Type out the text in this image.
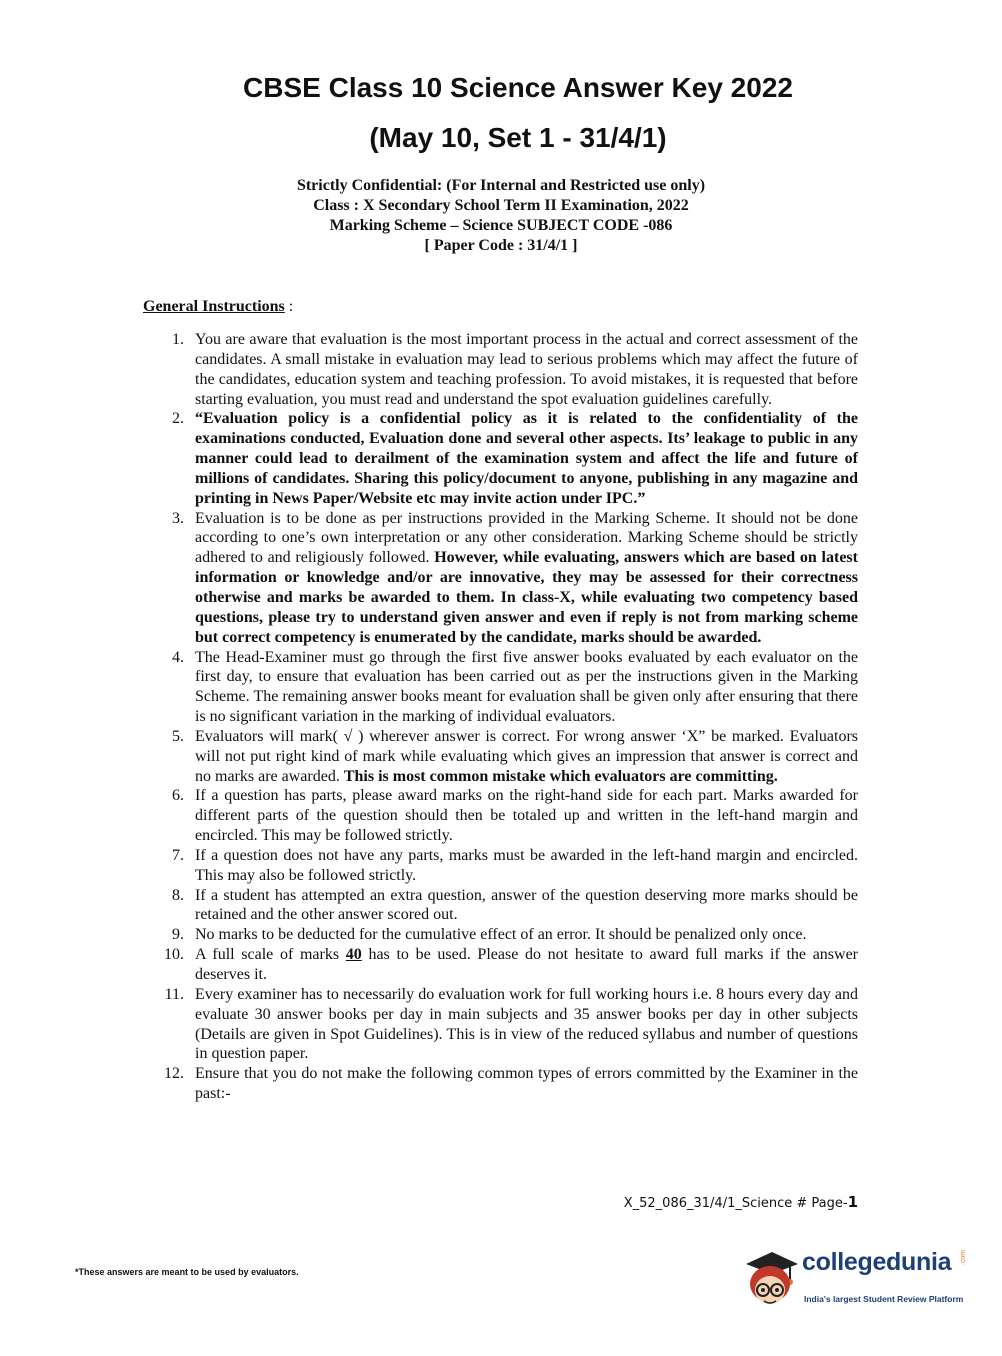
CBSE Class 10 Science Answer Key 2022
(May 10, Set 1 - 31/4/1)
Strictly Confidential: (For Internal and Restricted use only)
Class : X Secondary School Term II Examination, 2022
Marking Scheme – Science SUBJECT CODE -086
[ Paper Code : 31/4/1 ]
General Instructions :
1. You are aware that evaluation is the most important process in the actual and correct assessment of the candidates. A small mistake in evaluation may lead to serious problems which may affect the future of the candidates, education system and teaching profession. To avoid mistakes, it is requested that before starting evaluation, you must read and understand the spot evaluation guidelines carefully.
2. “Evaluation policy is a confidential policy as it is related to the confidentiality of the examinations conducted, Evaluation done and several other aspects. Its’ leakage to public in any manner could lead to derailment of the examination system and affect the life and future of millions of candidates. Sharing this policy/document to anyone, publishing in any magazine and printing in News Paper/Website etc may invite action under IPC.”
3. Evaluation is to be done as per instructions provided in the Marking Scheme. It should not be done according to one’s own interpretation or any other consideration. Marking Scheme should be strictly adhered to and religiously followed. However, while evaluating, answers which are based on latest information or knowledge and/or are innovative, they may be assessed for their correctness otherwise and marks be awarded to them. In class-X, while evaluating two competency based questions, please try to understand given answer and even if reply is not from marking scheme but correct competency is enumerated by the candidate, marks should be awarded.
4. The Head-Examiner must go through the first five answer books evaluated by each evaluator on the first day, to ensure that evaluation has been carried out as per the instructions given in the Marking Scheme. The remaining answer books meant for evaluation shall be given only after ensuring that there is no significant variation in the marking of individual evaluators.
5. Evaluators will mark( √ ) wherever answer is correct. For wrong answer ‘X” be marked. Evaluators will not put right kind of mark while evaluating which gives an impression that answer is correct and no marks are awarded. This is most common mistake which evaluators are committing.
6. If a question has parts, please award marks on the right-hand side for each part. Marks awarded for different parts of the question should then be totaled up and written in the left-hand margin and encircled. This may be followed strictly.
7. If a question does not have any parts, marks must be awarded in the left-hand margin and encircled. This may also be followed strictly.
8. If a student has attempted an extra question, answer of the question deserving more marks should be retained and the other answer scored out.
9. No marks to be deducted for the cumulative effect of an error. It should be penalized only once.
10. A full scale of marks 40 has to be used. Please do not hesitate to award full marks if the answer deserves it.
11. Every examiner has to necessarily do evaluation work for full working hours i.e. 8 hours every day and evaluate 30 answer books per day in main subjects and 35 answer books per day in other subjects (Details are given in Spot Guidelines). This is in view of the reduced syllabus and number of questions in question paper.
12. Ensure that you do not make the following common types of errors committed by the Examiner in the past:-
X_52_086_31/4/1_Science # Page-1
*These answers are meant to be used by evaluators.	collegedunia .com
India's largest Student Review Platform
